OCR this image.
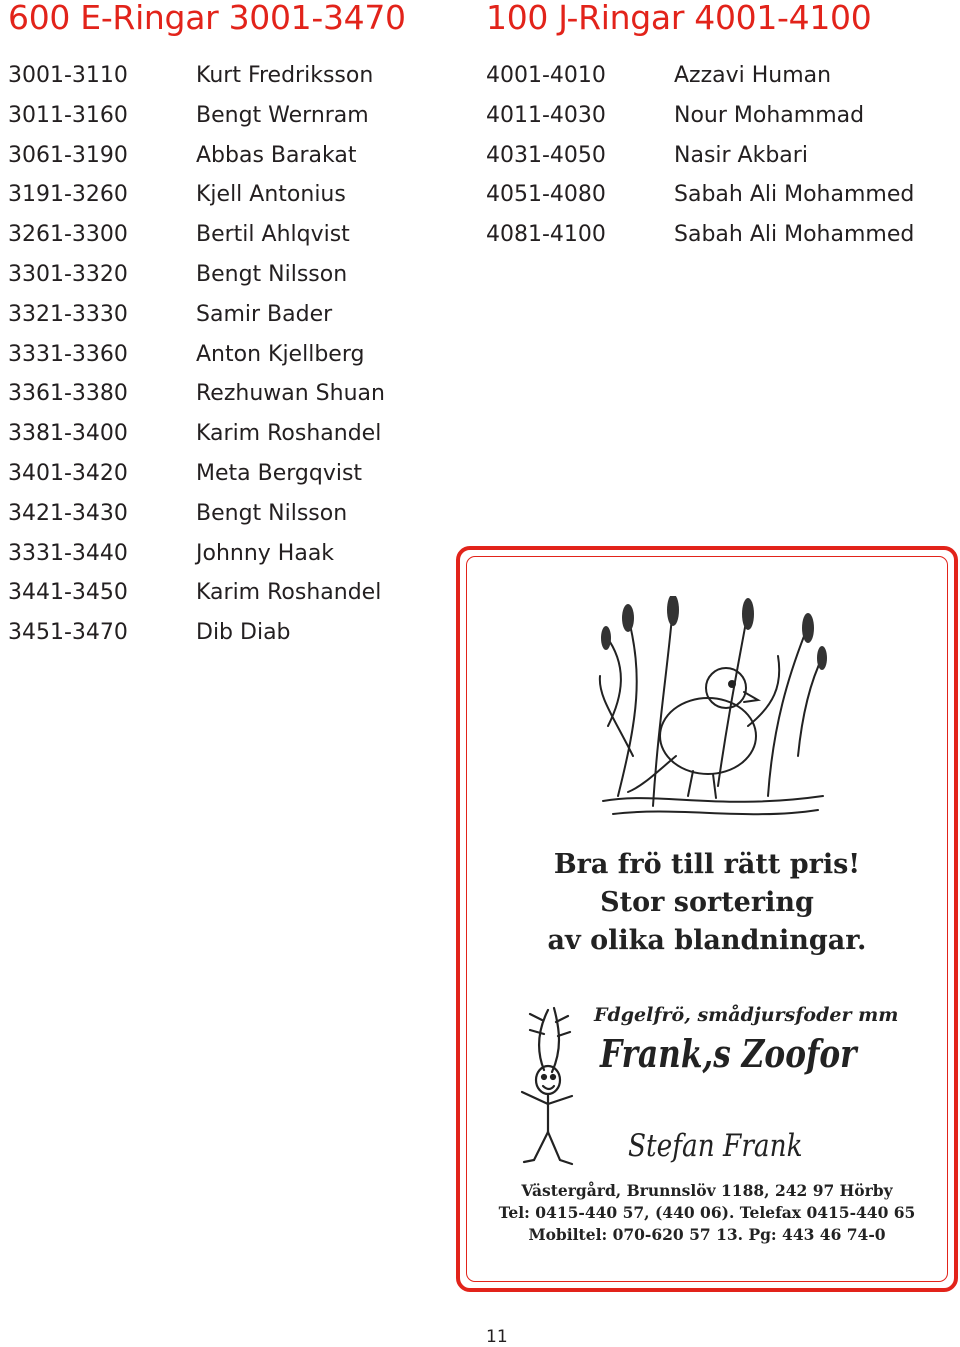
600 E-Ringar 3001-3470 100 J-Ringar 4001-4100
3001-3110	Kurt Fredriksson
3011-3160	Bengt Wernram
3061-3190	Abbas Barakat
3191-3260	Kjell Antonius
3261-3300	Bertil Ahlqvist
3301-3320	Bengt Nilsson
3321-3330	Samir Bader
3331-3360	Anton Kjellberg
3361-3380	Rezhuwan Shuan
3381-3400	Karim Roshandel
3401-3420	Meta Bergqvist
3421-3430	Bengt Nilsson
3331-3440	Johnny Haak
3441-3450	Karim Roshandel
3451-3470	Dib Diab
4001-4010	Azzavi Human
4011-4030	Nour Mohammad
4031-4050	Nasir Akbari
4051-4080	Sabah Ali Mohammed
4081-4100	Sabah Ali Mohammed
Bra frö till rätt pris!
Stor sortering
av olika blandningar.
Fdgelfrö, smådjursfoder mm
Frank,s Zoofor
Stefan Frank
Västergård, Brunnslöv 1188, 242 97 Hörby
Tel: 0415-440 57, (440 06). Telefax 0415-440 65
Mobiltel: 070-620 57 13. Pg: 443 46 74-0
11
